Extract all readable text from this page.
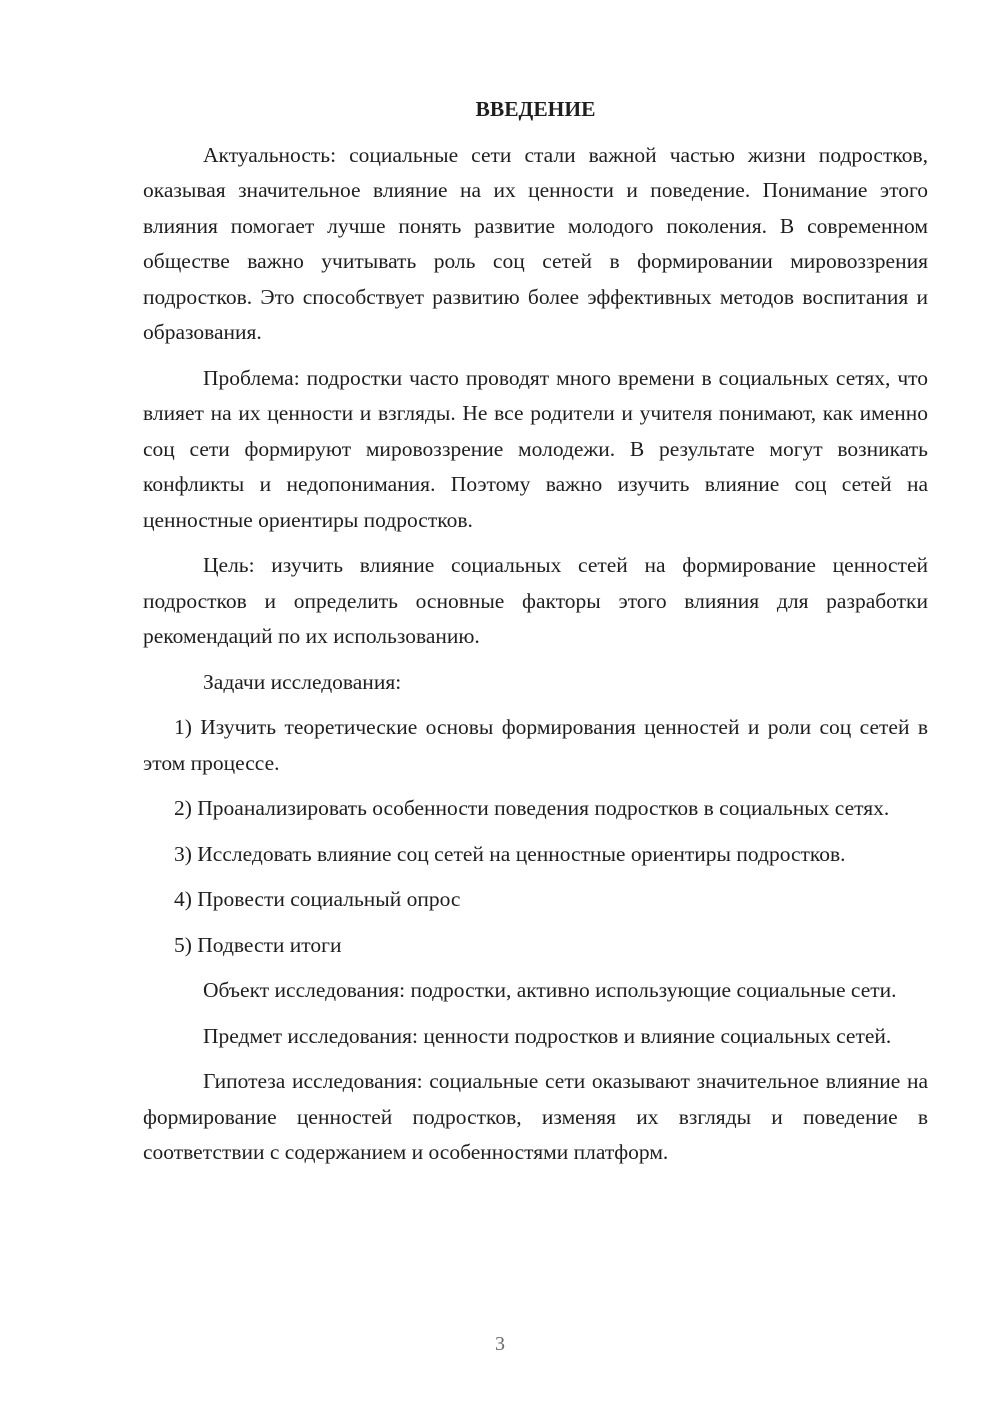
ВВЕДЕНИЕ

Актуальность: социальные сети стали важной частью жизни подростков, оказывая значительное влияние на их ценности и поведение. Понимание этого влияния помогает лучше понять развитие молодого поколения. В современном обществе важно учитывать роль соц сетей в формировании мировоззрения подростков. Это способствует развитию более эффективных методов воспитания и образования.

Проблема: подростки часто проводят много времени в социальных сетях, что влияет на их ценности и взгляды. Не все родители и учителя понимают, как именно соц сети формируют мировоззрение молодежи. В результате могут возникать конфликты и недопонимания. Поэтому важно изучить влияние соц сетей на ценностные ориентиры подростков.

Цель: изучить влияние социальных сетей на формирование ценностей подростков и определить основные факторы этого влияния для разработки рекомендаций по их использованию.

Задачи исследования:

1) Изучить теоретические основы формирования ценностей и роли соц сетей в этом процессе.

2) Проанализировать особенности поведения подростков в социальных сетях.

3) Исследовать влияние соц сетей на ценностные ориентиры подростков.

4) Провести социальный опрос

5) Подвести итоги

Объект исследования: подростки, активно использующие социальные сети.

Предмет исследования: ценности подростков и влияние социальных сетей.

Гипотеза исследования: социальные сети оказывают значительное влияние на формирование ценностей подростков, изменяя их взгляды и поведение в соответствии с содержанием и особенностями платформ.

3
